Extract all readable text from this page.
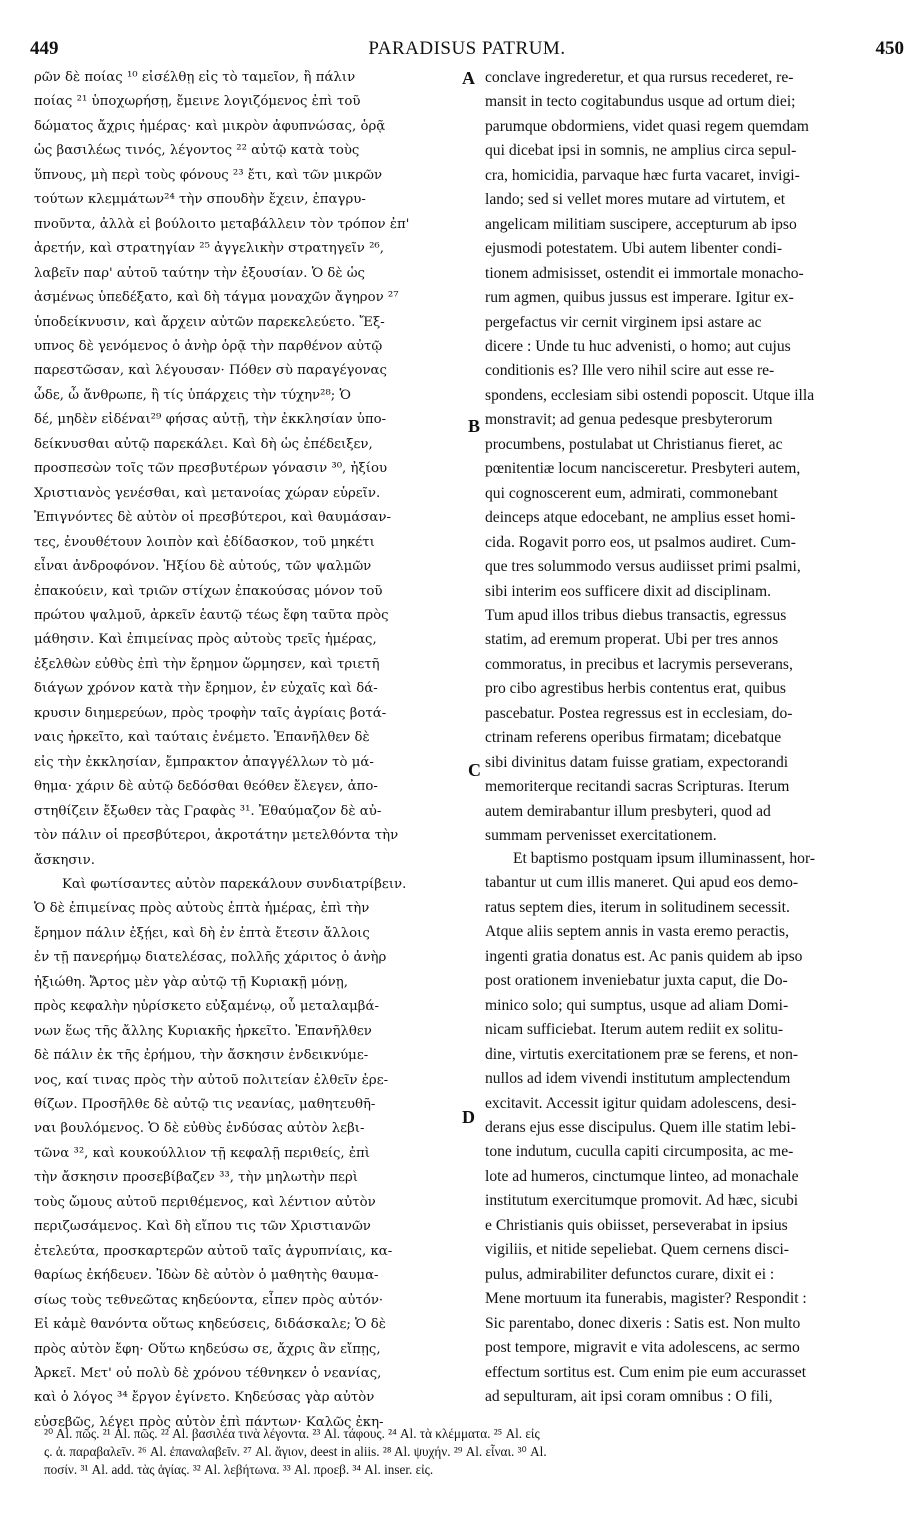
449	PARADISUS PATRUM.	450
ρῶν δὲ ποίας ¹⁰ εἰσέλθῃ εἰς τὸ ταμεῖον, ἢ πάλιν
ποίας ²¹ ὑποχωρήσῃ, ἔμεινε λογιζόμενος ἐπὶ τοῦ
δώματος ἄχρις ἡμέρας· καὶ μικρὸν ἀφυπνώσας, ὁρᾷ
ὡς βασιλέως τινός, λέγοντος ²² αὐτῷ κατὰ τοὺς
ὕπνους, μὴ περὶ τοὺς φόνους ²³ ἔτι, καὶ τῶν μικρῶν
τούτων κλεμμάτων²⁴ τὴν σπουδὴν ἔχειν, ἐπαγρυ-
πνοῦντα, ἀλλὰ εἰ βούλοιτο μεταβάλλειν τὸν τρόπον ἐπ'
ἀρετήν, καὶ στρατηγίαν ²⁵ ἀγγελικὴν στρατηγεῖν ²⁶,
λαβεῖν παρ' αὐτοῦ ταύτην τὴν ἐξουσίαν. Ὁ δὲ ὡς
ἀσμένως ὑπεδέξατο, καὶ δὴ τάγμα μοναχῶν ἄγηρον ²⁷
ὑποδείκνυσιν, καὶ ἄρχειν αὐτῶν παρεκελεύετο. Ἔξ-
υπνος δὲ γενόμενος ὁ ἀνὴρ ὁρᾷ τὴν παρθένον αὐτῷ
παρεστῶσαν, καὶ λέγουσαν· Πόθεν σὺ παραγέγονας
ὧδε, ὦ ἄνθρωπε, ἢ τίς ὑπάρχεις τὴν τύχην²⁸; Ὁ
δέ, μηδὲν εἰδέναι²⁹ φήσας αὐτῇ, τὴν ἐκκλησίαν ὑπο-
δείκνυσθαι αὐτῷ παρεκάλει. Καὶ δὴ ὡς ἐπέδειξεν,
προσπεσὼν τοῖς τῶν πρεσβυτέρων γόνασιν ³⁰, ἠξίου
Χριστιανὸς γενέσθαι, καὶ μετανοίας χώραν εὑρεῖν.
Ἐπιγνόντες δὲ αὐτὸν οἱ πρεσβύτεροι, καὶ θαυμάσαν-
τες, ἐνουθέτουν λοιπὸν καὶ ἐδίδασκον, τοῦ μηκέτι
εἶναι ἀνδροφόνον. Ἠξίου δὲ αὐτούς, τῶν ψαλμῶν
ἐπακούειν, καὶ τριῶν στίχων ἐπακούσας μόνον τοῦ
πρώτου ψαλμοῦ, ἀρκεῖν ἑαυτῷ τέως ἔφη ταῦτα πρὸς
μάθησιν. Καὶ ἐπιμείνας πρὸς αὐτοὺς τρεῖς ἡμέρας,
ἐξελθὼν εὐθὺς ἐπὶ τὴν ἔρημον ὥρμησεν, καὶ τριετῆ
διάγων χρόνον κατὰ τὴν ἔρημον, ἐν εὐχαῖς καὶ δά-
κρυσιν διημερεύων, πρὸς τροφὴν ταῖς ἀγρίαις βοτά-
ναις ἠρκεῖτο, καὶ ταύταις ἐνέμετο. Ἐπανῆλθεν δὲ
εἰς τὴν ἐκκλησίαν, ἔμπρακτον ἀπαγγέλλων τὸ μά-
θημα· χάριν δὲ αὐτῷ δεδόσθαι θεόθεν ἔλεγεν, ἀπο-
στηθίζειν ἔξωθεν τὰς Γραφὰς ³¹. Ἐθαύμαζον δὲ αὐ-
τὸν πάλιν οἱ πρεσβύτεροι, ἀκροτάτην μετελθόντα τὴν
ἄσκησιν.
Καὶ φωτίσαντες αὐτὸν παρεκάλουν συνδιατρίβειν.
Ὁ δὲ ἐπιμείνας πρὸς αὐτοὺς ἑπτὰ ἡμέρας, ἐπὶ τὴν
ἔρημον πάλιν ἐξῄει, καὶ δὴ ἐν ἑπτὰ ἔτεσιν ἄλλοις
ἐν τῇ πανερήμῳ διατελέσας, πολλῆς χάριτος ὁ ἀνὴρ
ἠξιώθη. Ἄρτος μὲν γὰρ αὐτῷ τῇ Κυριακῇ μόνῃ,
πρὸς κεφαλὴν ηὑρίσκετο εὐξαμένῳ, οὗ μεταλαμβά-
νων ἕως τῆς ἄλλης Κυριακῆς ἠρκεῖτο. Ἐπανῆλθεν
δὲ πάλιν ἐκ τῆς ἐρήμου, τὴν ἄσκησιν ἐνδεικνύμε-
νος, καί τινας πρὸς τὴν αὐτοῦ πολιτείαν ἐλθεῖν ἐρε-
θίζων. Προσῆλθε δὲ αὐτῷ τις νεανίας, μαθητευθῆ-
ναι βουλόμενος. Ὁ δὲ εὐθὺς ἐνδύσας αὐτὸν λεβι-
τῶνα ³², καὶ κουκούλλιον τῇ κεφαλῇ περιθείς, ἐπὶ
τὴν ἄσκησιν προσεβίβαζεν ³³, τὴν μηλωτὴν περὶ
τοὺς ὤμους αὐτοῦ περιθέμενος, καὶ λέντιον αὐτὸν
περιζωσάμενος. Καὶ δὴ εἴπου τις τῶν Χριστιανῶν
ἐτελεύτα, προσκαρτερῶν αὐτοῦ ταῖς ἀγρυπνίαις, κα-
θαρίως ἐκήδευεν. Ἰδὼν δὲ αὐτὸν ὁ μαθητὴς θαυμα-
σίως τοὺς τεθνεῶτας κηδεύοντα, εἶπεν πρὸς αὐτόν·
Εἰ κἀμὲ θανόντα οὕτως κηδεύσεις, διδάσκαλε; Ὁ δὲ
πρὸς αὐτὸν ἔφη· Οὕτω κηδεύσω σε, ἄχρις ἂν εἴπῃς,
Ἀρκεῖ. Μετ' οὐ πολὺ δὲ χρόνου τέθνηκεν ὁ νεανίας,
καὶ ὁ λόγος ³⁴ ἔργον ἐγίνετο. Κηδεύσας γὰρ αὐτὸν
εὐσεβῶς, λέγει πρὸς αὐτὸν ἐπὶ πάντων· Καλῶς ἐκη-
conclave ingrederetur, et qua rursus recederet, re-
mansit in tecto cogitabundus usque ad ortum diei;
parumque obdormiens, videt quasi regem quemdam
qui dicebat ipsi in somnis, ne amplius circa sepul-
cra, homicidia, parvaque hæc furta vacaret, invigi-
lando; sed si vellet mores mutare ad virtutem, et
angelicam militiam suscipere, accepturum ab ipso
ejusmodi potestatem. Ubi autem libenter condi-
tionem admisisset, ostendit ei immortale monacho-
rum agmen, quibus jussus est imperare. Igitur ex-
pergefactus vir cernit virginem ipsi astare ac
dicere : Unde tu huc advenisti, o homo; aut cujus
conditionis es? Ille vero nihil scire aut esse re-
spondens, ecclesiam sibi ostendi poposcit. Utque illa
monstravit; ad genua pedesque presbyterorum
procumbens, postulabat ut Christianus fieret, ac
pœnitentiæ locum nancisceretur. Presbyteri autem,
qui cognoscerent eum, admirati, commonebant
deinceps atque edocebant, ne amplius esset homi-
cida. Rogavit porro eos, ut psalmos audiret. Cum-
que tres solummodo versus audiisset primi psalmi,
sibi interim eos sufficere dixit ad disciplinam.
Tum apud illos tribus diebus transactis, egressus
statim, ad eremum properat. Ubi per tres annos
commoratus, in precibus et lacrymis perseverans,
pro cibo agrestibus herbis contentus erat, quibus
pascebatur. Postea regressus est in ecclesiam, do-
ctrinam referens operibus firmatam; dicebatque
sibi divinitus datam fuisse gratiam, expectorandi
memoriterque recitandi sacras Scripturas. Iterum
autem demirabantur illum presbyteri, quod ad
summam pervenisset exercitationem.
Et baptismo postquam ipsum illuminassent, hor-
tabantur ut cum illis maneret. Qui apud eos demo-
ratus septem dies, iterum in solitudinem secessit.
Atque aliis septem annis in vasta eremo peractis,
ingenti gratia donatus est. Ac panis quidem ab ipso
post orationem inveniebatur juxta caput, die Do-
minico solo; qui sumptus, usque ad aliam Domi-
nicam sufficiebat. Iterum autem rediit ex solitu-
dine, virtutis exercitationem præ se ferens, et non-
nullos ad idem vivendi institutum amplectendum
excitavit. Accessit igitur quidam adolescens, desi-
derans ejus esse discipulus. Quem ille statim lebi-
tone indutum, cuculla capiti circumposita, ac me-
lote ad humeros, cinctumque linteo, ad monachale
institutum exercitumque promovit. Ad hæc, sicubi
e Christianis quis obiisset, perseverabat in ipsius
vigiliis, et nitide sepeliebat. Quem cernens disci-
pulus, admirabiliter defunctos curare, dixit ei :
Mene mortuum ita funerabis, magister? Respondit :
Sic parentabo, donec dixeris : Satis est. Non multo
post tempore, migravit e vita adolescens, ac sermo
effectum sortitus est. Cum enim pie eum accurasset
ad sepulturam, ait ipsi coram omnibus : O fili,
A
B
C
D
²⁰ Al. πῶς. ²¹ Al. πῶς. ²² Al. βασιλέα τινὰ λέγοντα. ²³ Al. τάφους. ²⁴ Al. τὰ κλέμματα. ²⁵ Al. εἰς
ς. ἀ. παραβαλεῖν. ²⁶ Al. ἐπαναλαβεῖν. ²⁷ Al. ἅγιον, deest in aliis. ²⁸ Al. ψυχήν. ²⁹ Al. εἶναι. ³⁰ Al.
ποσίν. ³¹ Al. add. τὰς ἁγίας. ³² Al. λεβήτωνα. ³³ Al. προεβ. ³⁴ Al. inser. εἰς.
